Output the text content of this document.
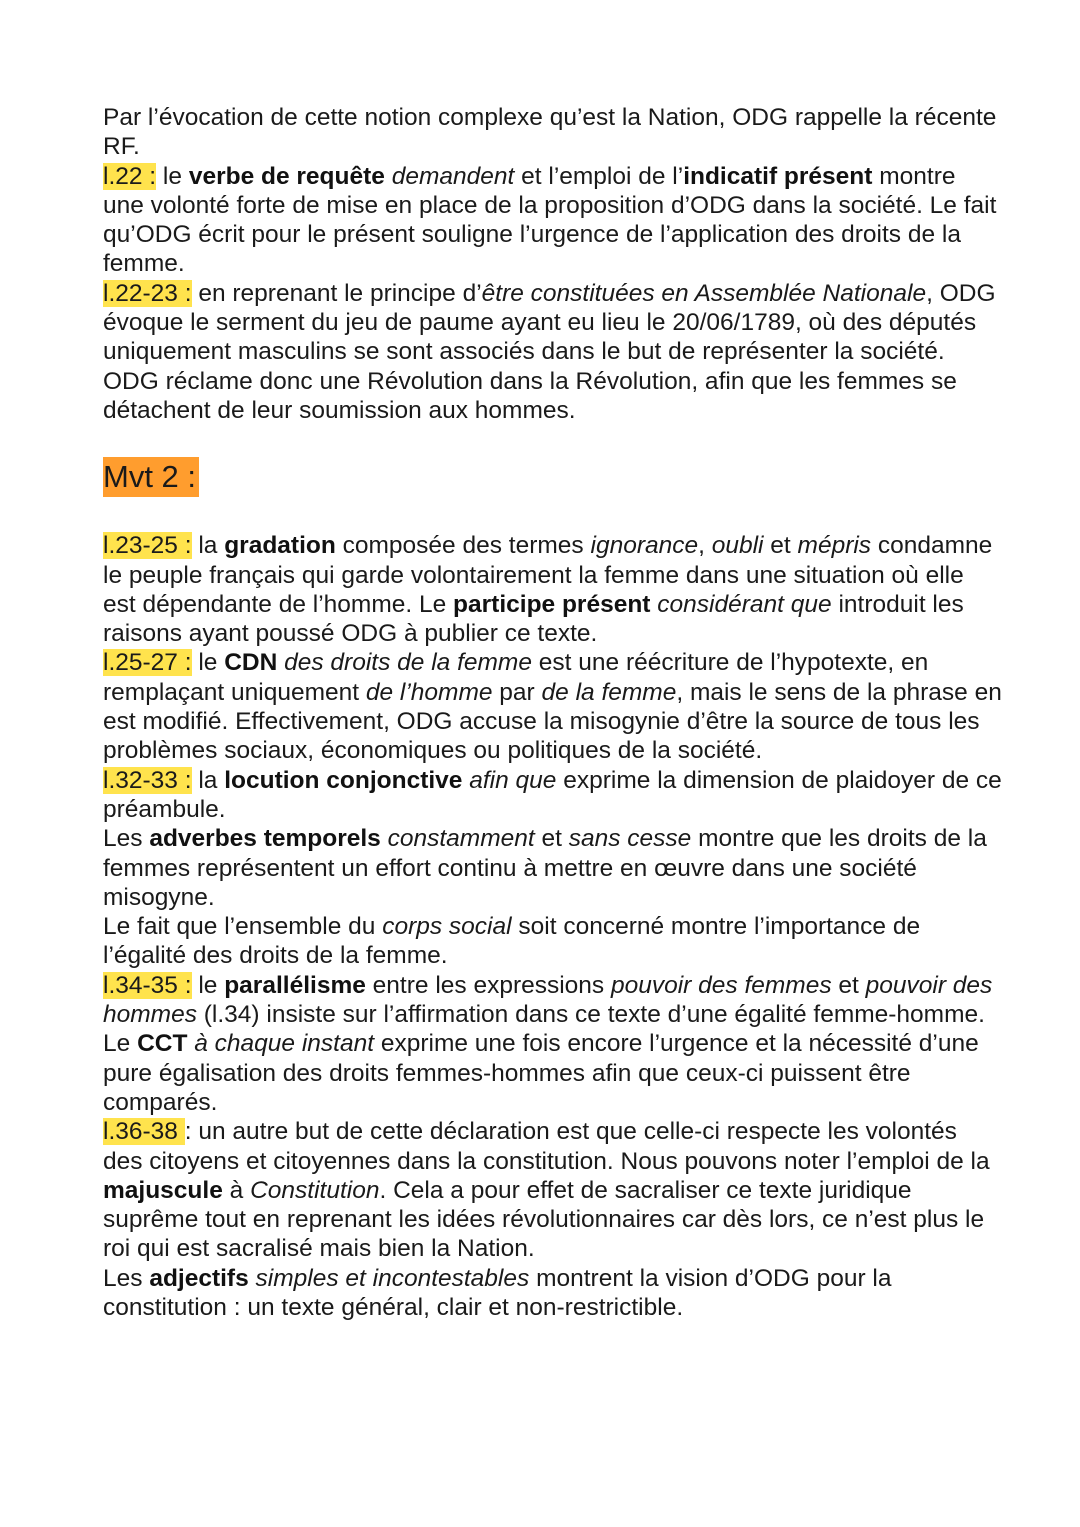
Par l’évocation de cette notion complexe qu’est la Nation, ODG rappelle la récente RF.

l.22 : le verbe de requête demandent et l’emploi de l’indicatif présent montre une volonté forte de mise en place de la proposition d’ODG dans la société. Le fait qu’ODG écrit pour le présent souligne l’urgence de l’application des droits de la femme.

l.22-23 : en reprenant le principe d’être constituées en Assemblée Nationale, ODG évoque le serment du jeu de paume ayant eu lieu le 20/06/1789, où des députés uniquement masculins se sont associés dans le but de représenter la société. ODG réclame donc une Révolution dans la Révolution, afin que les femmes se détachent de leur soumission aux hommes.

Mvt 2 :

l.23-25 : la gradation composée des termes ignorance, oubli et mépris condamne le peuple français qui garde volontairement la femme dans une situation où elle est dépendante de l’homme. Le participe présent considérant que introduit les raisons ayant poussé ODG à publier ce texte.

l.25-27 : le CDN des droits de la femme est une réécriture de l’hypotexte, en remplaçant uniquement de l’homme par de la femme, mais le sens de la phrase en est modifié. Effectivement, ODG accuse la misogynie d’être la source de tous les problèmes sociaux, économiques ou politiques de la société.

l.32-33 : la locution conjonctive afin que exprime la dimension de plaidoyer de ce préambule.

Les adverbes temporels constamment et sans cesse montre que les droits de la femmes représentent un effort continu à mettre en œuvre dans une société misogyne.

Le fait que l’ensemble du corps social soit concerné montre l’importance de l’égalité des droits de la femme.

l.34-35 : le parallélisme entre les expressions pouvoir des femmes et pouvoir des hommes (l.34) insiste sur l’affirmation dans ce texte d’une égalité femme-homme. Le CCT à chaque instant exprime une fois encore l’urgence et la nécessité d’une pure égalisation des droits femmes-hommes afin que ceux-ci puissent être comparés.

l.36-38 : un autre but de cette déclaration est que celle-ci respecte les volontés des citoyens et citoyennes dans la constitution. Nous pouvons noter l’emploi de la majuscule à Constitution. Cela a pour effet de sacraliser ce texte juridique suprême tout en reprenant les idées révolutionnaires car dès lors, ce n’est plus le roi qui est sacralisé mais bien la Nation.

Les adjectifs simples et incontestables montrent la vision d’ODG pour la constitution : un texte général, clair et non-restrictible.
